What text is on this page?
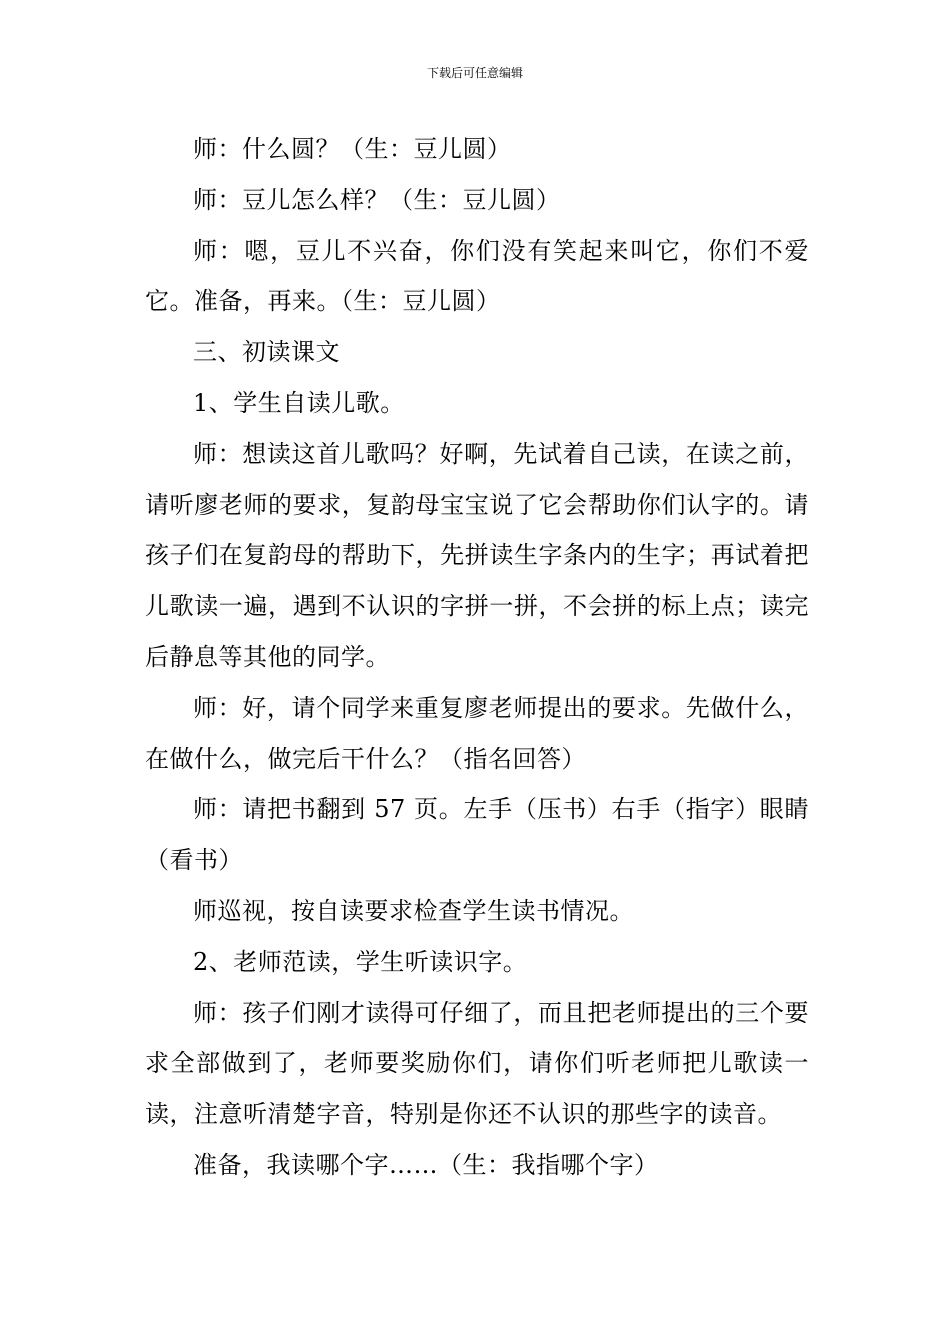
下载后可任意编辑

师：什么圆？（生：豆儿圆）

师：豆儿怎么样？（生：豆儿圆）

师：嗯，豆儿不兴奋，你们没有笑起来叫它，你们不爱它。准备，再来。（生：豆儿圆）

三、初读课文

1、学生自读儿歌。

师：想读这首儿歌吗？好啊，先试着自己读，在读之前，请听廖老师的要求，复韵母宝宝说了它会帮助你们认字的。请孩子们在复韵母的帮助下，先拼读生字条内的生字；再试着把儿歌读一遍，遇到不认识的字拼一拼，不会拼的标上点；读完后静息等其他的同学。

师：好，请个同学来重复廖老师提出的要求。先做什么，在做什么，做完后干什么？（指名回答）

师：请把书翻到 57 页。左手（压书）右手（指字）眼睛（看书）

师巡视，按自读要求检查学生读书情况。

2、老师范读，学生听读识字。

师：孩子们刚才读得可仔细了，而且把老师提出的三个要求全部做到了，老师要奖励你们，请你们听老师把儿歌读一读，注意听清楚字音，特别是你还不认识的那些字的读音。

准备，我读哪个字……（生：我指哪个字）
